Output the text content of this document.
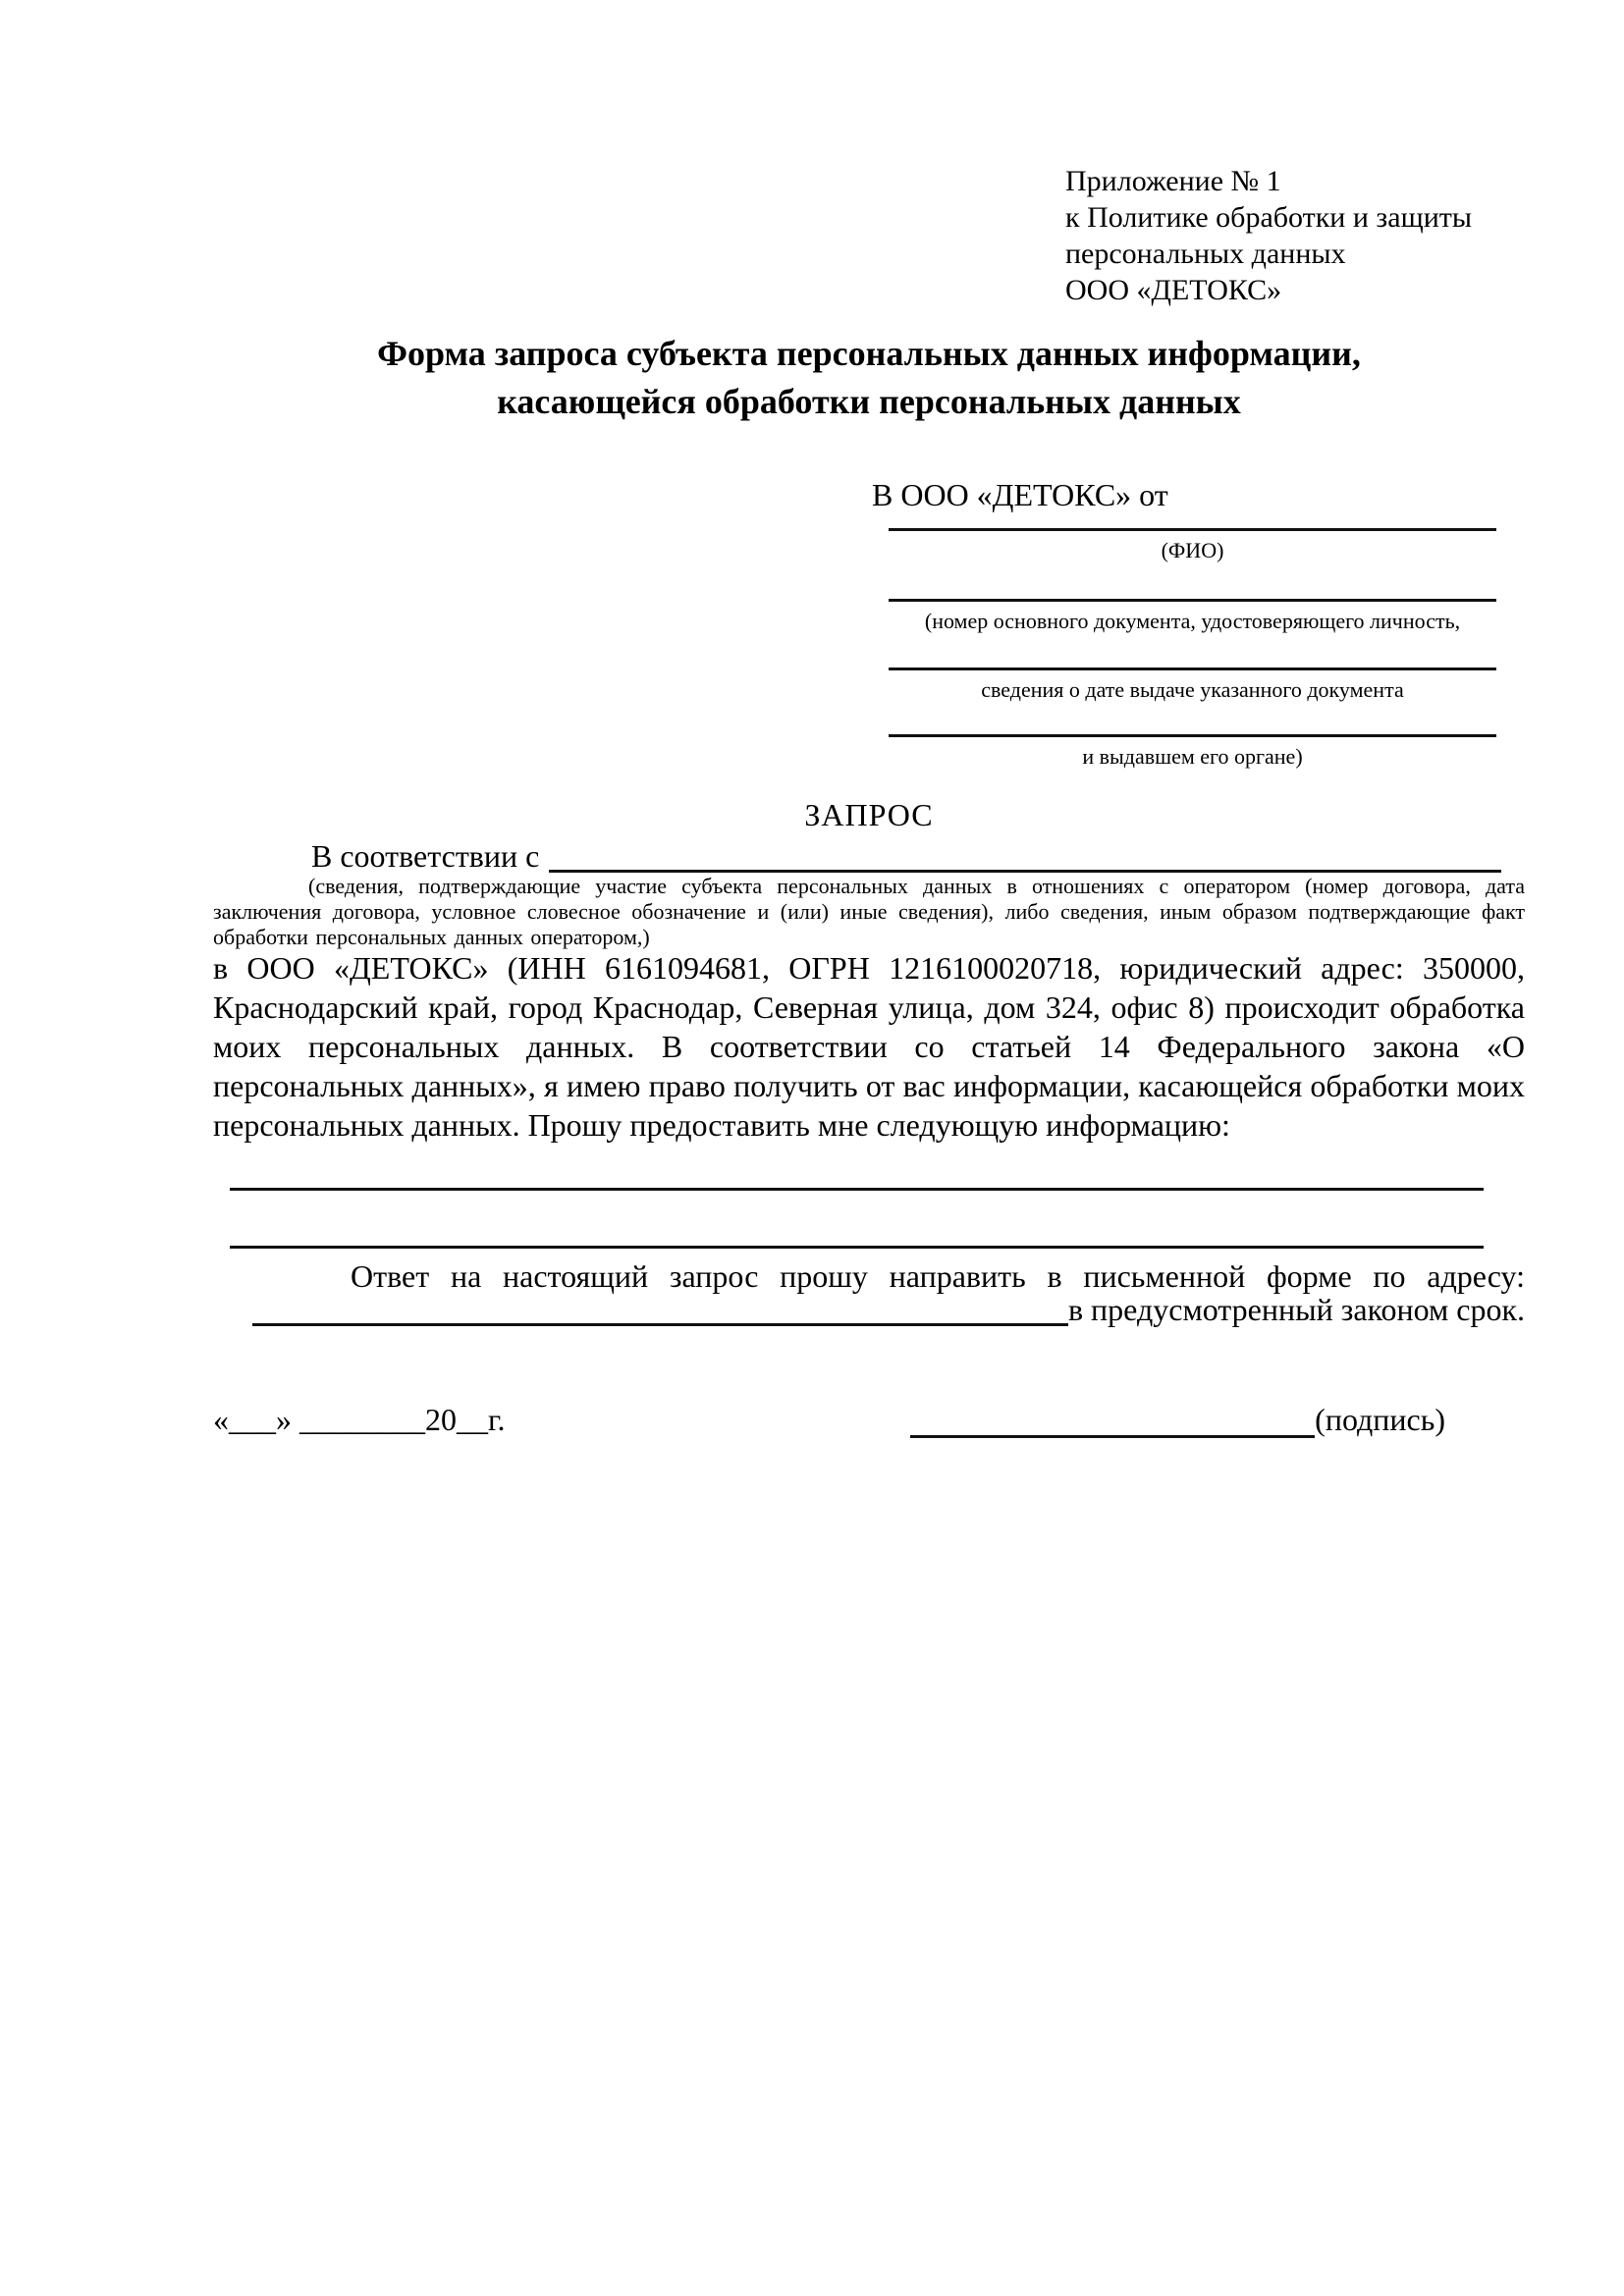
Приложение № 1
к Политике обработки и защиты
персональных данных
ООО «ДЕТОКС»
Форма запроса субъекта персональных данных информации,
касающейся обработки персональных данных
В ООО «ДЕТОКС» от
(ФИО)
(номер основного документа, удостоверяющего личность,
сведения о дате выдаче указанного документа
и выдавшем его органе)
ЗАПРОС
В соответствии с
(сведения, подтверждающие участие субъекта персональных данных в отношениях с оператором (номер договора, дата заключения договора, условное словесное обозначение и (или) иные сведения), либо сведения, иным образом подтверждающие факт обработки персональных данных оператором,)
в ООО «ДЕТОКС» (ИНН 6161094681, ОГРН 1216100020718, юридический адрес: 350000, Краснодарский край, город Краснодар, Северная улица, дом 324, офис 8) происходит обработка моих персональных данных. В соответствии со статьей 14 Федерального закона «О персональных данных», я имею право получить от вас информации, касающейся обработки моих персональных данных. Прошу предоставить мне следующую информацию:
Ответ на настоящий запрос прошу направить в письменной форме по адресу:
в предусмотренный законом срок.
«___» ________20__г.	(подпись)
